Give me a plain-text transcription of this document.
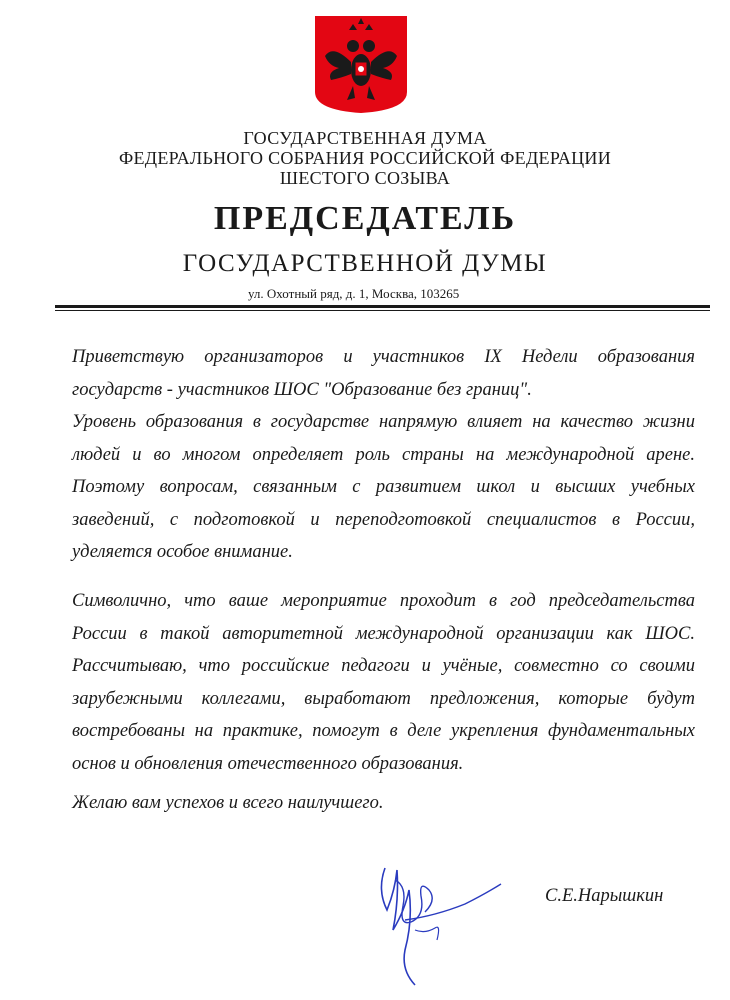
ГОСУДАРСТВЕННАЯ ДУМА
ФЕДЕРАЛЬНОГО СОБРАНИЯ РОССИЙСКОЙ ФЕДЕРАЦИИ
ШЕСТОГО СОЗЫВА
ПРЕДСЕДАТЕЛЬ
ГОСУДАРСТВЕННОЙ ДУМЫ
ул. Охотный ряд, д. 1, Москва, 103265
Приветствую организаторов и участников IX Недели образования государств - участников ШОС "Образование без границ".
Уровень образования в государстве напрямую влияет на качество жизни людей и во многом определяет роль страны на международной арене. Поэтому вопросам, связанным с развитием школ и высших учебных заведений, с подготовкой и переподготовкой специалистов в России, уделяется особое внимание.
Символично, что ваше мероприятие проходит в год председательства России в такой авторитетной международной организации как ШОС. Рассчитываю, что российские педагоги и учёные, совместно со своими зарубежными коллегами, выработают предложения, которые будут востребованы на практике, помогут в деле укрепления фундаментальных основ и обновления отечественного образования.
Желаю вам успехов и всего наилучшего.
С.Е.Нарышкин
